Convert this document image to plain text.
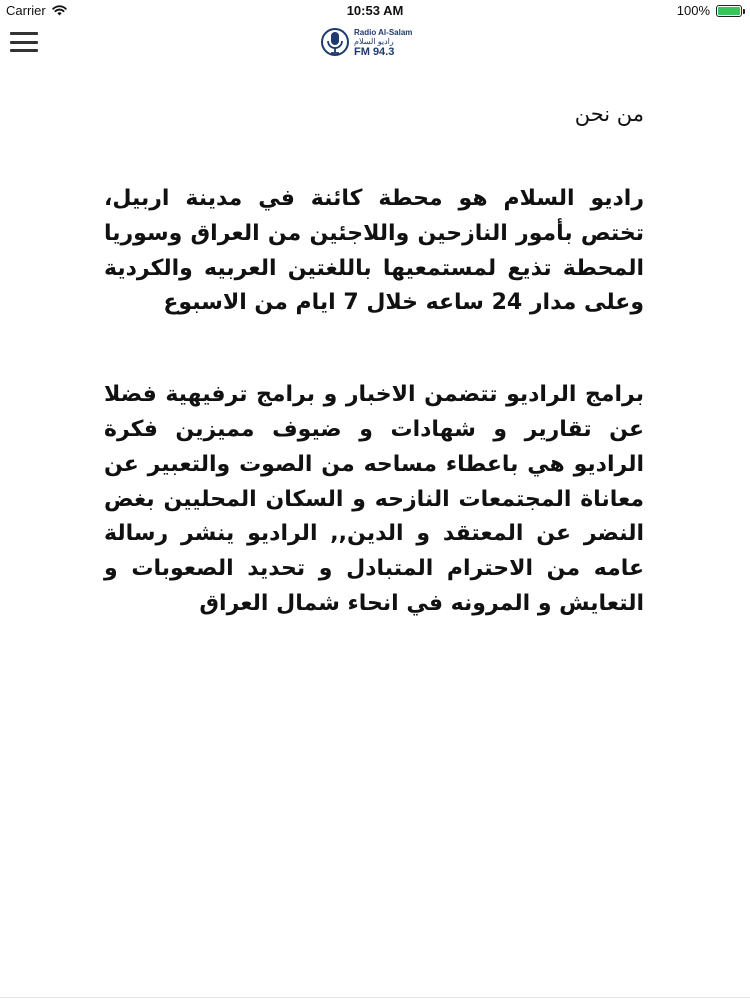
Carrier	10:53 AM	100%
Radio Al-Salam
راديو السلام
FM 94.3
من نحن

راديو السلام هو محطة كائنة في مدينة اربيل، تختص بأمور النازحين واللاجئين من العراق وسوريا المحطة تذيع لمستمعيها باللغتين العربيه والكردية وعلى مدار 24 ساعه خلال 7 ايام من الاسبوع

برامج الراديو تتضمن الاخبار و برامج ترفيهية فضلا عن تقارير و شهادات و ضيوف مميزين فكرة الراديو هي باعطاء مساحه من الصوت والتعبير عن معاناة المجتمعات النازحه و السكان المحليين بغض النضر عن المعتقد و الدين,, الراديو ينشر رسالة عامه من الاحترام المتبادل و تحديد الصعوبات و التعايش و المرونه في انحاء شمال العراق
